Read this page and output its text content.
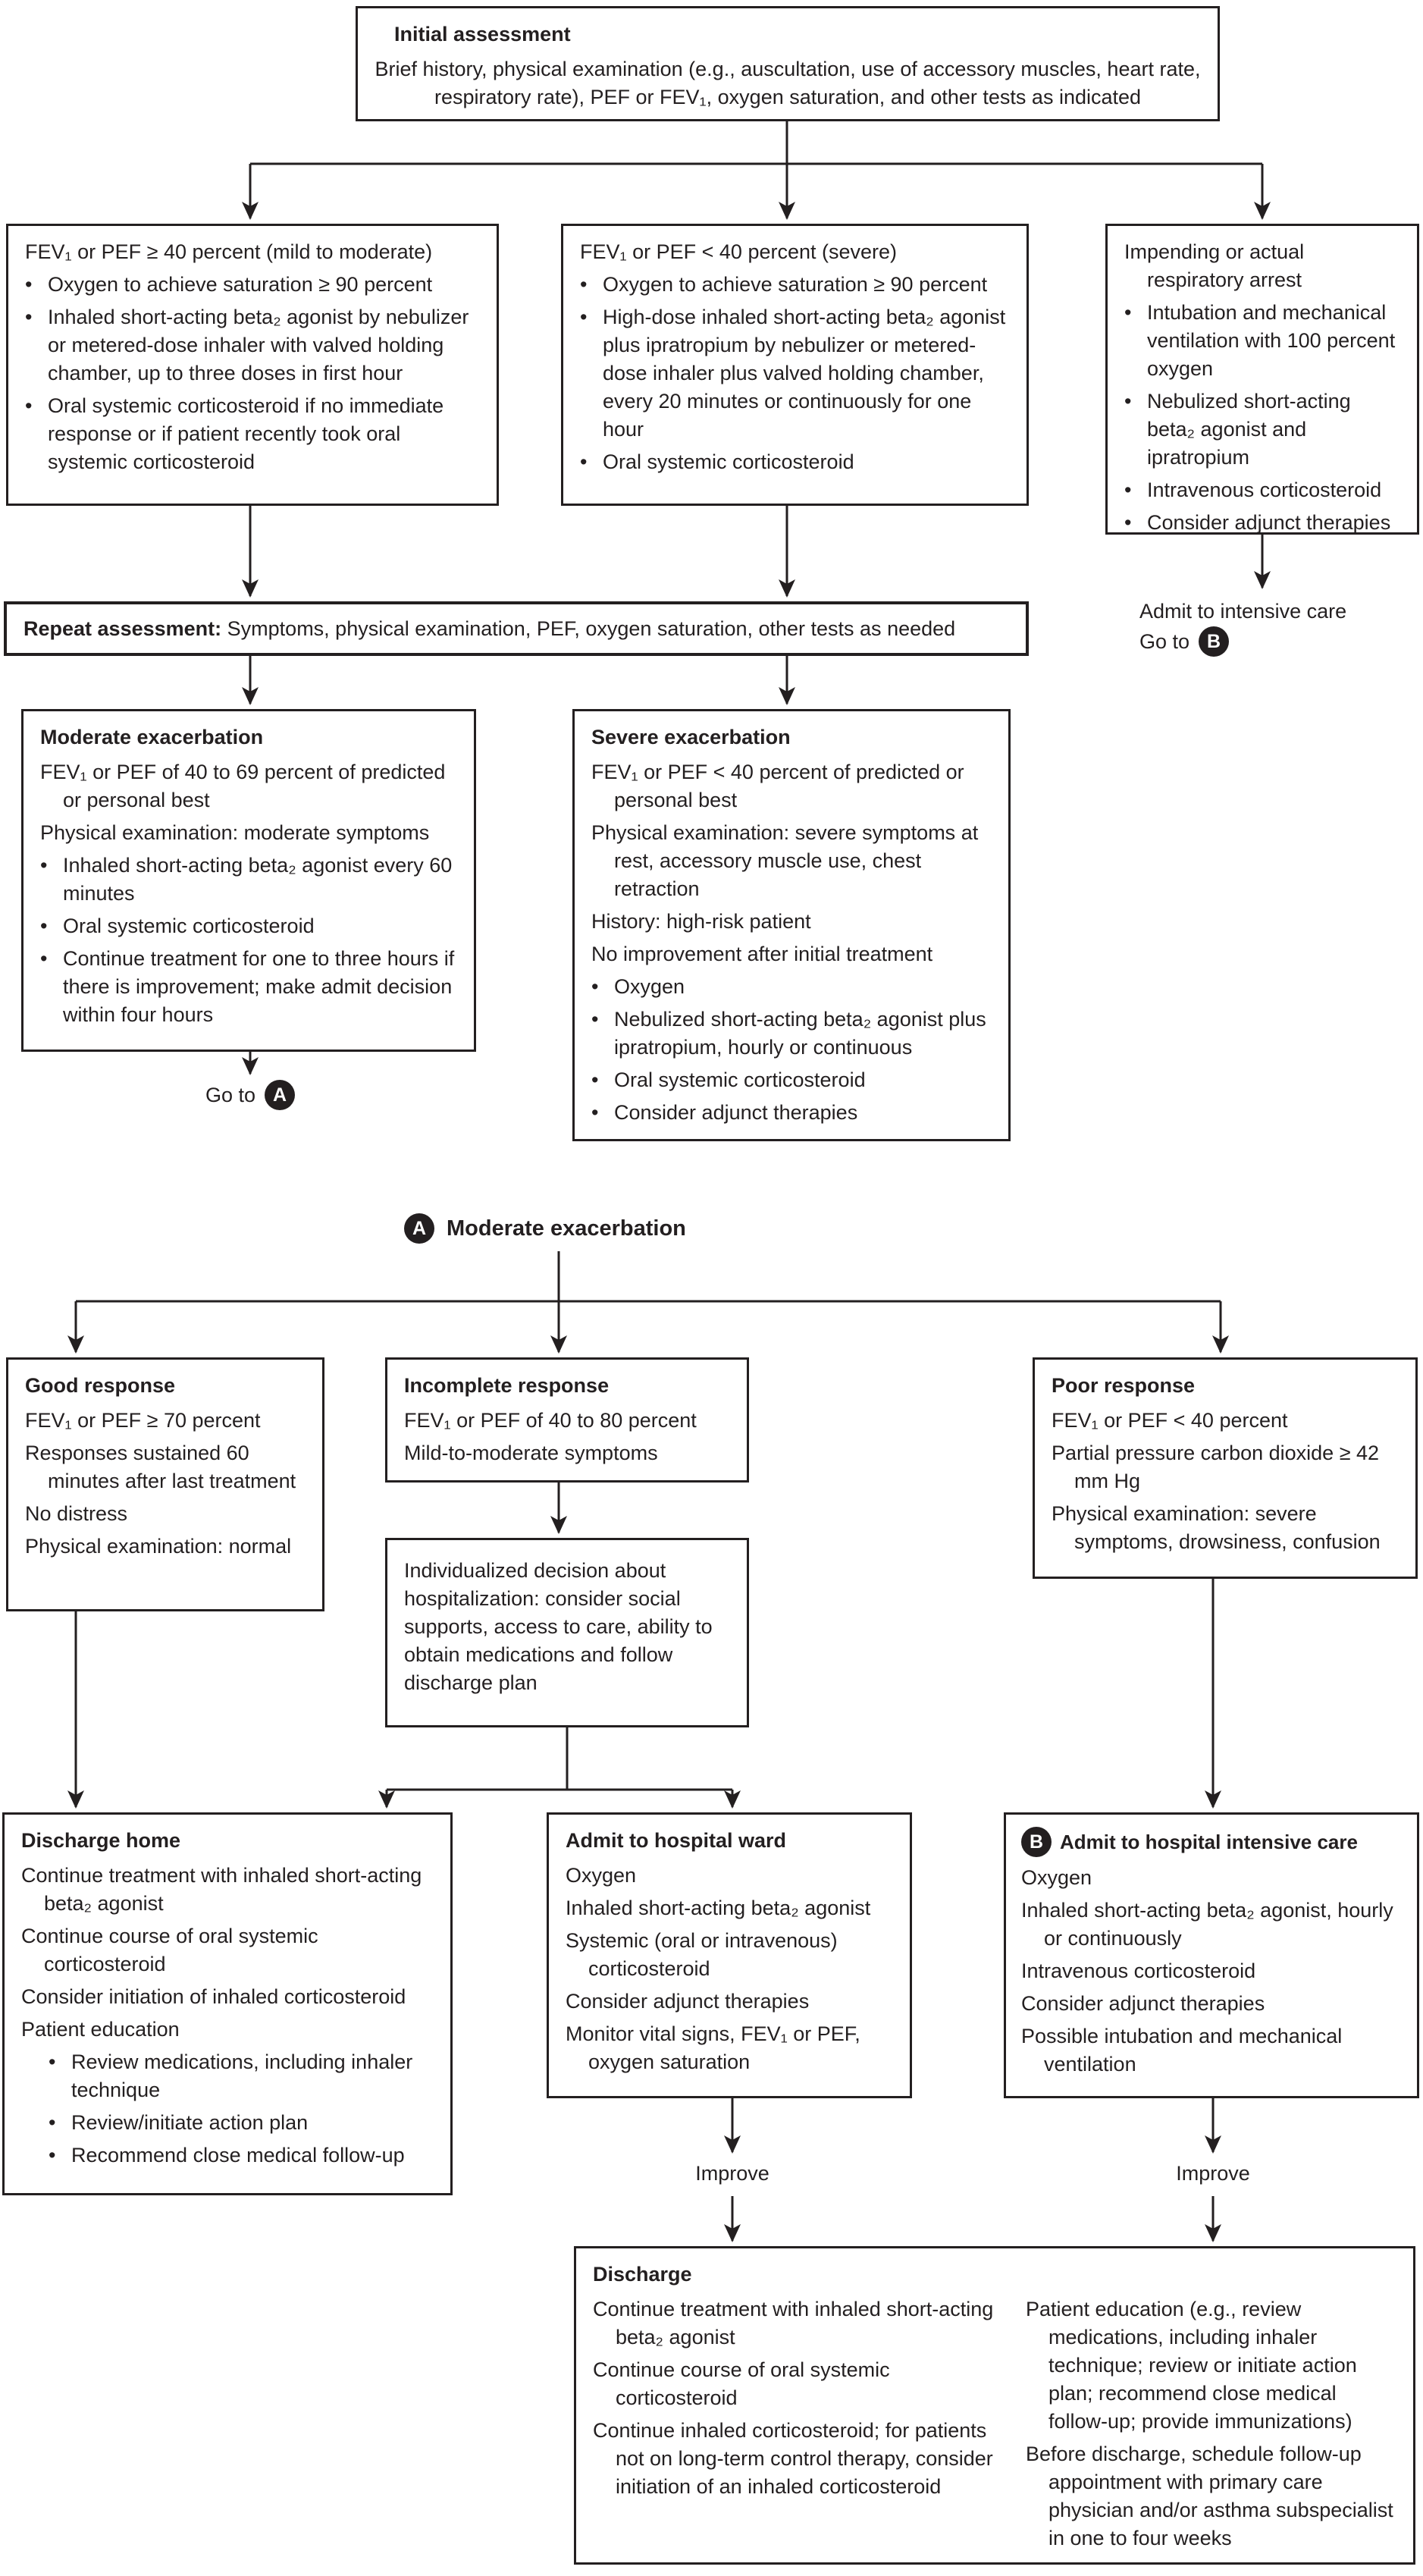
Initial assessment
Brief history, physical examination (e.g., auscultation, use of accessory muscles, heart rate, respiratory rate), PEF or FEV₁, oxygen saturation, and other tests as indicated
FEV₁ or PEF ≥ 40 percent (mild to moderate)
• Oxygen to achieve saturation ≥ 90 percent
• Inhaled short-acting beta₂ agonist by nebulizer or metered-dose inhaler with valved holding chamber, up to three doses in first hour
• Oral systemic corticosteroid if no immediate response or if patient recently took oral systemic corticosteroid
FEV₁ or PEF < 40 percent (severe)
• Oxygen to achieve saturation ≥ 90 percent
• High-dose inhaled short-acting beta₂ agonist plus ipratropium by nebulizer or metered-dose inhaler plus valved holding chamber, every 20 minutes or continuously for one hour
• Oral systemic corticosteroid
Impending or actual respiratory arrest
• Intubation and mechanical ventilation with 100 percent oxygen
• Nebulized short-acting beta₂ agonist and ipratropium
• Intravenous corticosteroid
• Consider adjunct therapies
Repeat assessment: Symptoms, physical examination, PEF, oxygen saturation, other tests as needed
Moderate exacerbation
FEV₁ or PEF of 40 to 69 percent of predicted or personal best
Physical examination: moderate symptoms
• Inhaled short-acting beta₂ agonist every 60 minutes
• Oral systemic corticosteroid
• Continue treatment for one to three hours if there is improvement; make admit decision within four hours
Severe exacerbation
FEV₁ or PEF < 40 percent of predicted or personal best
Physical examination: severe symptoms at rest, accessory muscle use, chest retraction
History: high-risk patient
No improvement after initial treatment
• Oxygen
• Nebulized short-acting beta₂ agonist plus ipratropium, hourly or continuous
• Oral systemic corticosteroid
• Consider adjunct therapies
Good response
FEV₁ or PEF ≥ 70 percent
Responses sustained 60 minutes after last treatment
No distress
Physical examination: normal
Incomplete response
FEV₁ or PEF of 40 to 80 percent
Mild-to-moderate symptoms
Poor response
FEV₁ or PEF < 40 percent
Partial pressure carbon dioxide ≥ 42 mm Hg
Physical examination: severe symptoms, drowsiness, confusion
Individualized decision about hospitalization: consider social supports, access to care, ability to obtain medications and follow discharge plan
Discharge home
Continue treatment with inhaled short-acting beta₂ agonist
Continue course of oral systemic corticosteroid
Consider initiation of inhaled corticosteroid
Patient education
• Review medications, including inhaler technique
• Review/initiate action plan
• Recommend close medical follow-up
Admit to hospital ward
Oxygen
Inhaled short-acting beta₂ agonist
Systemic (oral or intravenous) corticosteroid
Consider adjunct therapies
Monitor vital signs, FEV₁ or PEF, oxygen saturation
B Admit to hospital intensive care
Oxygen
Inhaled short-acting beta₂ agonist, hourly or continuously
Intravenous corticosteroid
Consider adjunct therapies
Possible intubation and mechanical ventilation
Discharge
Continue treatment with inhaled short-acting beta₂ agonist
Continue course of oral systemic corticosteroid
Continue inhaled corticosteroid; for patients not on long-term control therapy, consider initiation of an inhaled corticosteroid
Patient education (e.g., review medications, including inhaler technique; review or initiate action plan; recommend close medical follow-up; provide immunizations)
Before discharge, schedule follow-up appointment with primary care physician and/or asthma subspecialist in one to four weeks
Admit to intensive care
Go to B
Go to A
A Moderate exacerbation
Improve	Improve
